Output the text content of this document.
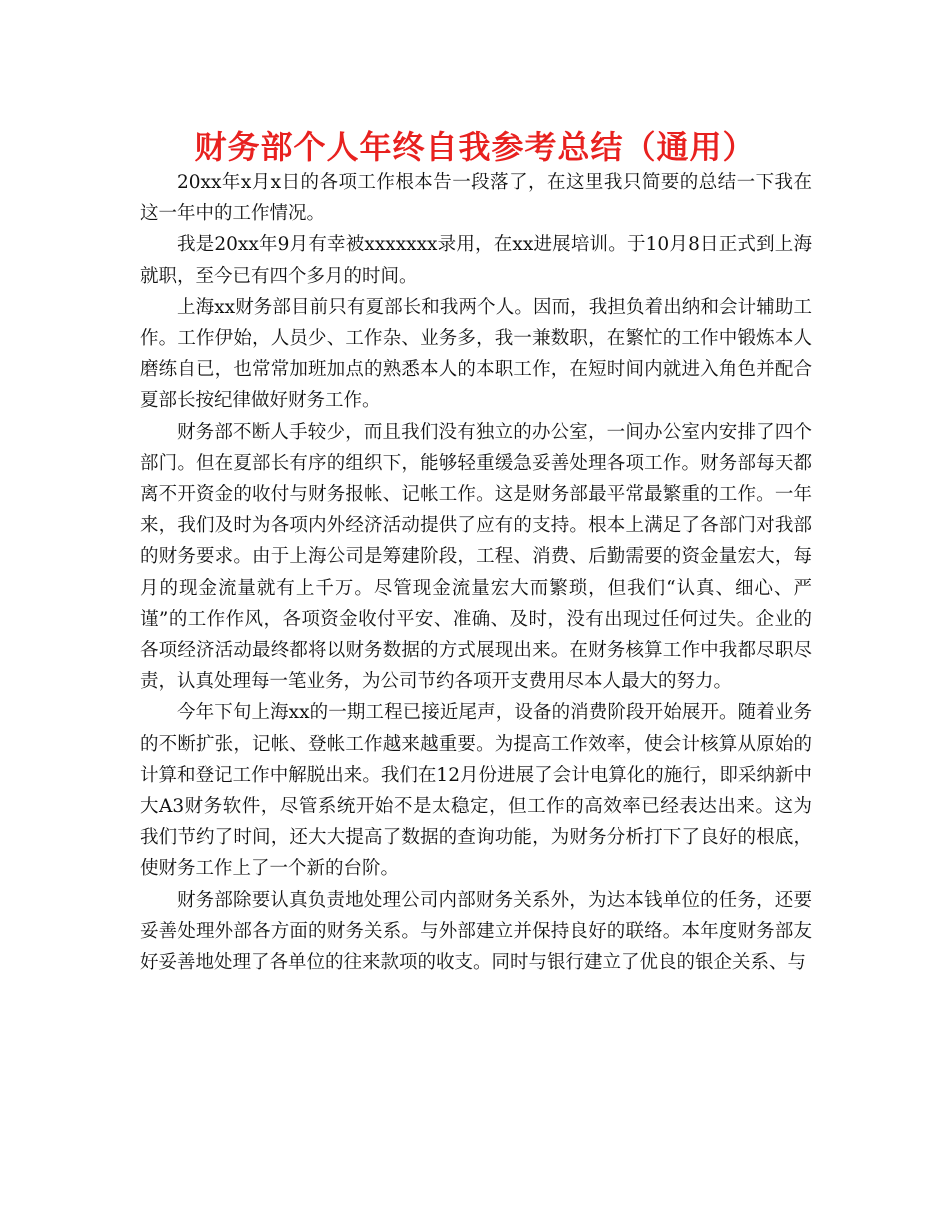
财务部个人年终自我参考总结（通用）

20xx年x月x日的各项工作根本告一段落了，在这里我只简要的总结一下我在这一年中的工作情况。

我是20xx年9月有幸被xxxxxxx录用，在xx进展培训。于10月8日正式到上海就职，至今已有四个多月的时间。

上海xx财务部目前只有夏部长和我两个人。因而，我担负着出纳和会计辅助工作。工作伊始，人员少、工作杂、业务多，我一兼数职，在繁忙的工作中锻炼本人磨练自已，也常常加班加点的熟悉本人的本职工作，在短时间内就进入角色并配合夏部长按纪律做好财务工作。

财务部不断人手较少，而且我们没有独立的办公室，一间办公室内安排了四个部门。但在夏部长有序的组织下，能够轻重缓急妥善处理各项工作。财务部每天都离不开资金的收付与财务报帐、记帐工作。这是财务部最平常最繁重的工作。一年来，我们及时为各项内外经济活动提供了应有的支持。根本上满足了各部门对我部的财务要求。由于上海公司是筹建阶段，工程、消费、后勤需要的资金量宏大，每月的现金流量就有上千万。尽管现金流量宏大而繁琐，但我们“认真、细心、严谨”的工作作风，各项资金收付平安、准确、及时，没有出现过任何过失。企业的各项经济活动最终都将以财务数据的方式展现出来。在财务核算工作中我都尽职尽责，认真处理每一笔业务，为公司节约各项开支费用尽本人最大的努力。

今年下旬上海xx的一期工程已接近尾声，设备的消费阶段开始展开。随着业务的不断扩张，记帐、登帐工作越来越重要。为提高工作效率，使会计核算从原始的计算和登记工作中解脱出来。我们在12月份进展了会计电算化的施行，即采纳新中大A3财务软件，尽管系统开始不是太稳定，但工作的高效率已经表达出来。这为我们节约了时间，还大大提高了数据的查询功能，为财务分析打下了良好的根底，使财务工作上了一个新的台阶。

财务部除要认真负责地处理公司内部财务关系外，为达本钱单位的任务，还要妥善处理外部各方面的财务关系。与外部建立并保持良好的联络。本年度财务部友好妥善地处理了各单位的往来款项的收支。同时与银行建立了优良的银企关系、与
